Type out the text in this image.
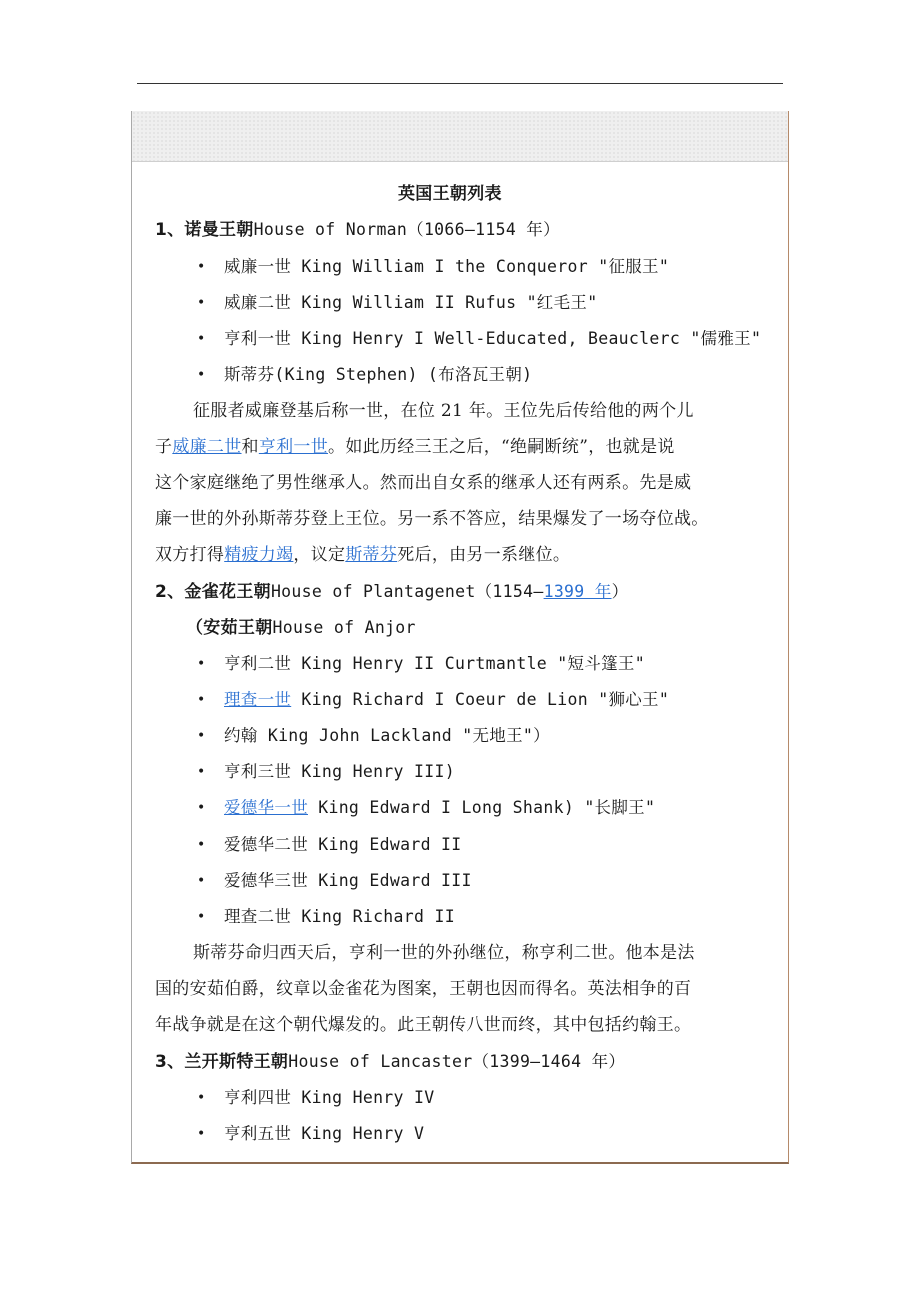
英国王朝列表
1、诺曼王朝House of Norman（1066—1154 年）
• 威廉一世 King William I the Conqueror "征服王"
• 威廉二世 King William II Rufus "红毛王"
• 亨利一世 King Henry I Well-Educated, Beauclerc "儒雅王"
• 斯蒂芬(King Stephen) (布洛瓦王朝)
征服者威廉登基后称一世，在位 21 年。王位先后传给他的两个儿
子威廉二世和亨利一世。如此历经三王之后，“绝嗣断统”，也就是说
这个家庭继绝了男性继承人。然而出自女系的继承人还有两系。先是威
廉一世的外孙斯蒂芬登上王位。另一系不答应，结果爆发了一场夺位战。
双方打得精疲力竭，议定斯蒂芬死后，由另一系继位。
2、金雀花王朝House of Plantagenet（1154—1399 年）
（安茹王朝House of Anjor
• 亨利二世 King Henry II Curtmantle "短斗篷王"
• 理查一世 King Richard I Coeur de Lion "狮心王"
• 约翰 King John Lackland "无地王"）
• 亨利三世 King Henry III)
• 爱德华一世 King Edward I Long Shank) "长脚王"
• 爱德华二世 King Edward II
• 爱德华三世 King Edward III
• 理查二世 King Richard II
斯蒂芬命归西天后，亨利一世的外孙继位，称亨利二世。他本是法
国的安茹伯爵，纹章以金雀花为图案，王朝也因而得名。英法相争的百
年战争就是在这个朝代爆发的。此王朝传八世而终，其中包括约翰王。
3、兰开斯特王朝House of Lancaster（1399—1464 年）
• 亨利四世 King Henry IV
• 亨利五世 King Henry V
